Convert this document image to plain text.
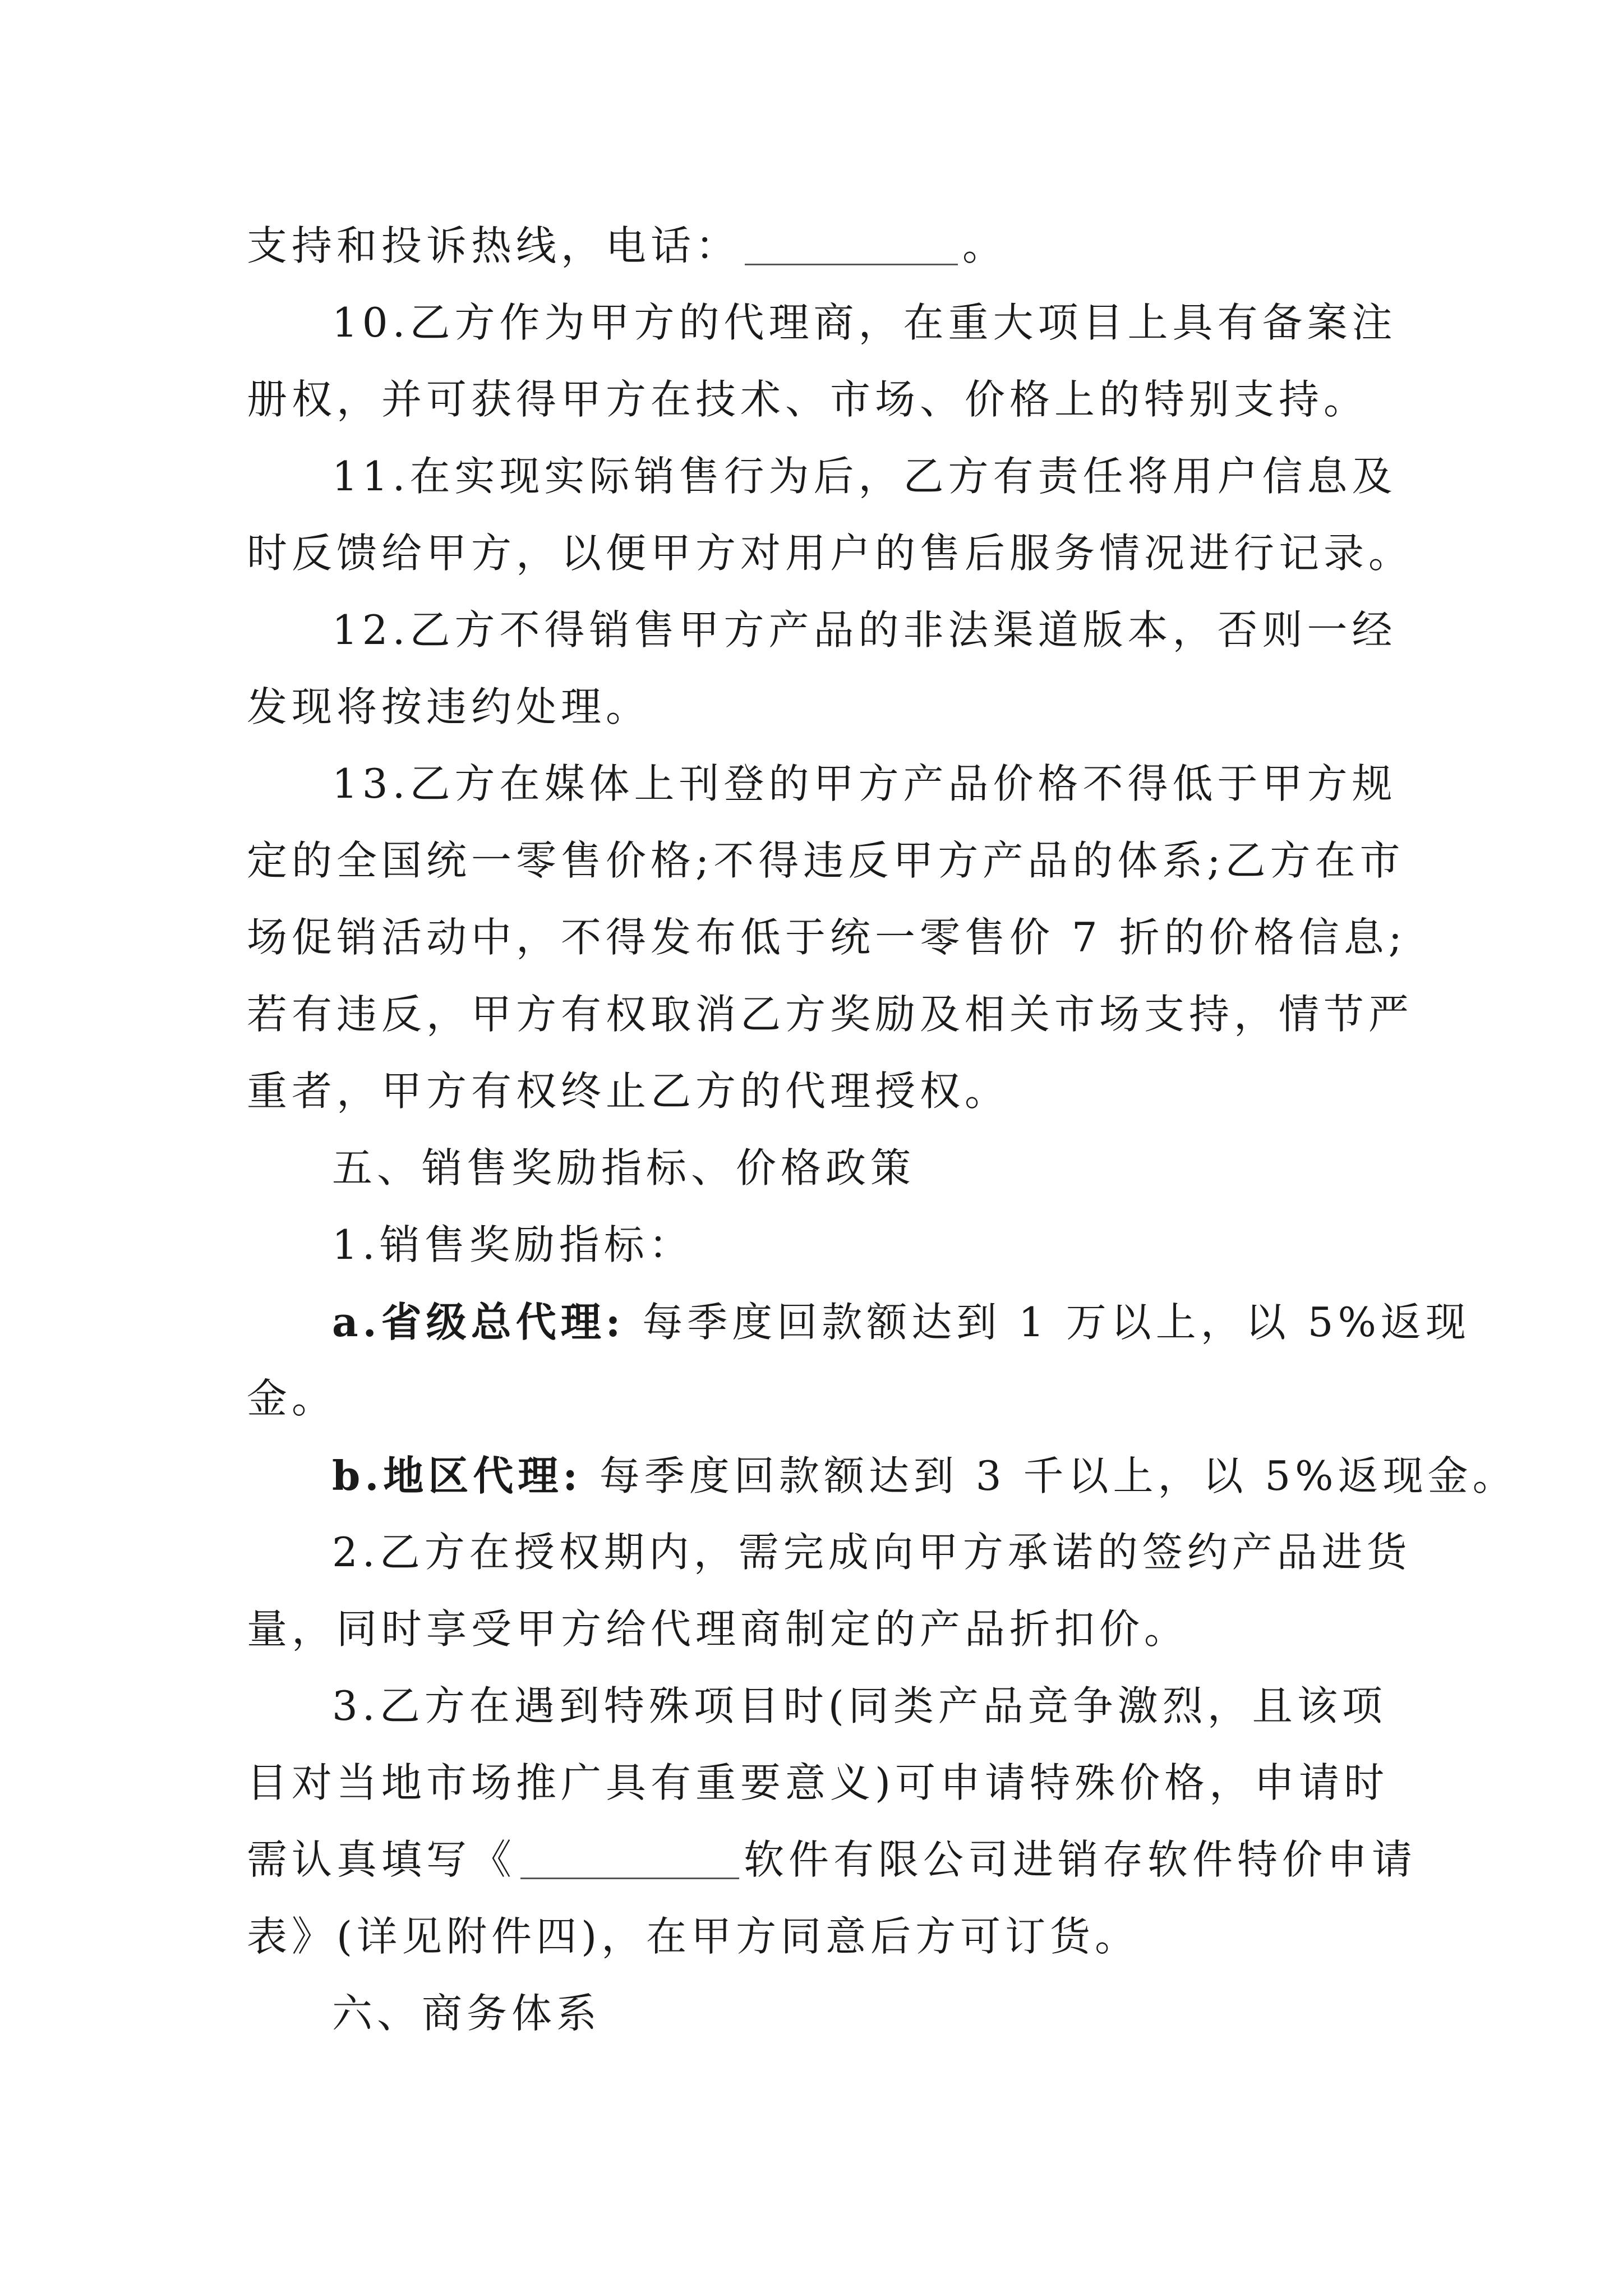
支持和投诉热线，电话：	。

10.乙方作为甲方的代理商，在重大项目上具有备案注

册权，并可获得甲方在技术、市场、价格上的特别支持。

11.在实现实际销售行为后，乙方有责任将用户信息及

时反馈给甲方，以便甲方对用户的售后服务情况进行记录。

12.乙方不得销售甲方产品的非法渠道版本，否则一经

发现将按违约处理。

13.乙方在媒体上刊登的甲方产品价格不得低于甲方规

定的全国统一零售价格;不得违反甲方产品的体系;乙方在市

场促销活动中，不得发布低于统一零售价 7 折的价格信息;

若有违反，甲方有权取消乙方奖励及相关市场支持，情节严

重者，甲方有权终止乙方的代理授权。

五、销售奖励指标、价格政策

1.销售奖励指标：

a.省级总代理: 每季度回款额达到 1 万以上，以 5%返现

金。

b.地区代理: 每季度回款额达到 3 千以上，以 5%返现金。

2.乙方在授权期内，需完成向甲方承诺的签约产品进货

量，同时享受甲方给代理商制定的产品折扣价。

3.乙方在遇到特殊项目时(同类产品竞争激烈，且该项

目对当地市场推广具有重要意义)可申请特殊价格，申请时

需认真填写《	软件有限公司进销存软件特价申请

表》(详见附件四)，在甲方同意后方可订货。

六、商务体系
